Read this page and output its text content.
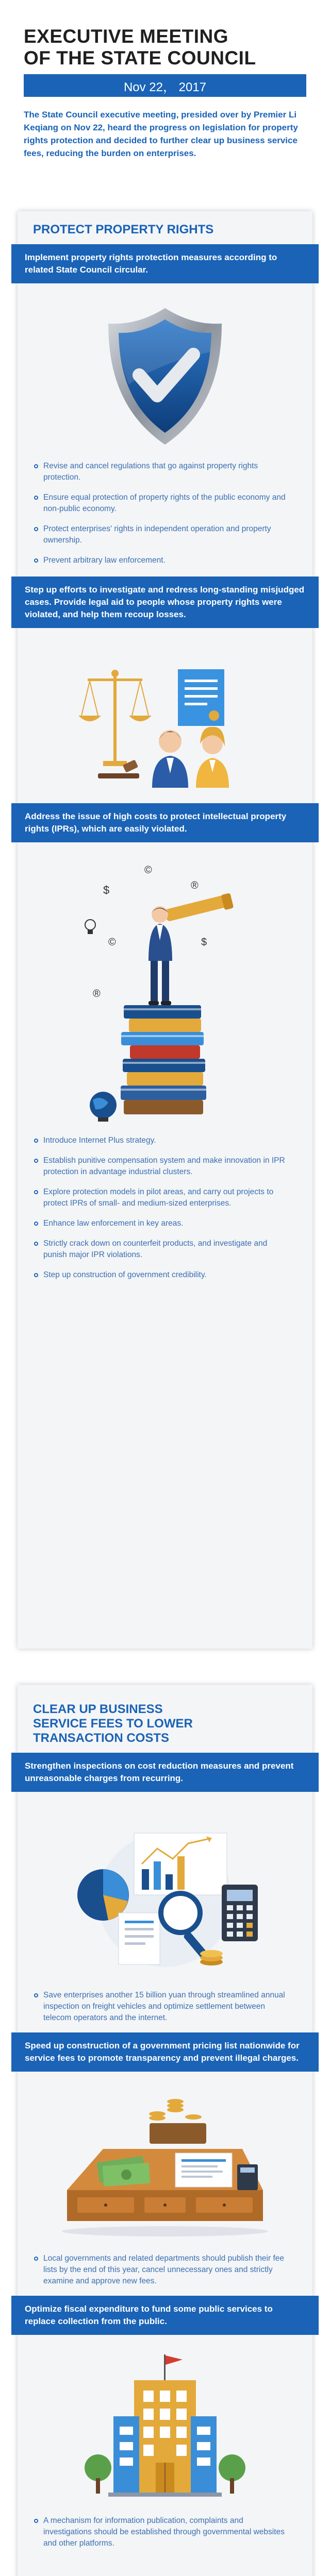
EXECUTIVE MEETING
OF THE STATE COUNCIL
Nov 22， 2017

The State Council executive meeting, presided over by Premier Li Keqiang on Nov 22, heard the progress on legislation for property rights protection and decided to further clear up business service fees, reducing the burden on enterprises.

PROTECT PROPERTY RIGHTS
Implement property rights protection measures according to related State Council circular.
Revise and cancel regulations that go against property rights protection.
Ensure equal protection of property rights of the public economy and non-public economy.
Protect enterprises' rights in independent operation and property ownership.
Prevent arbitrary law enforcement.
Step up efforts to investigate and redress long-standing misjudged cases. Provide legal aid to people whose property rights were violated, and help them recoup losses.
Address the issue of high costs to protect intellectual property rights (IPRs), which are easily violated.
$
©
®
©	$
®
Introduce Internet Plus strategy.
Establish punitive compensation system and make innovation in IPR protection in advantage industrial clusters.
Explore protection models in pilot areas, and carry out projects to protect IPRs of small- and medium-sized enterprises.
Enhance law enforcement in key areas.
Strictly crack down on counterfeit products, and investigate and punish major IPR violations.
Step up construction of government credibility.
CLEAR UP BUSINESS
SERVICE FEES TO LOWER
TRANSACTION COSTS
Strengthen inspections on cost reduction measures and prevent unreasonable charges from recurring.
Save enterprises another 15 billion yuan through streamlined annual inspection on freight vehicles and optimize settlement between telecom operators and the internet.
Speed up construction of a government pricing list nationwide for service fees to promote transparency and prevent illegal charges.
Local governments and related departments should publish their fee lists by the end of this year, cancel unnecessary ones and strictly examine and approve new fees.
Optimize fiscal expenditure to fund some public services to replace collection from the public.
A mechanism for information publication, complaints and investigations should be established through governmental websites and other platforms.
